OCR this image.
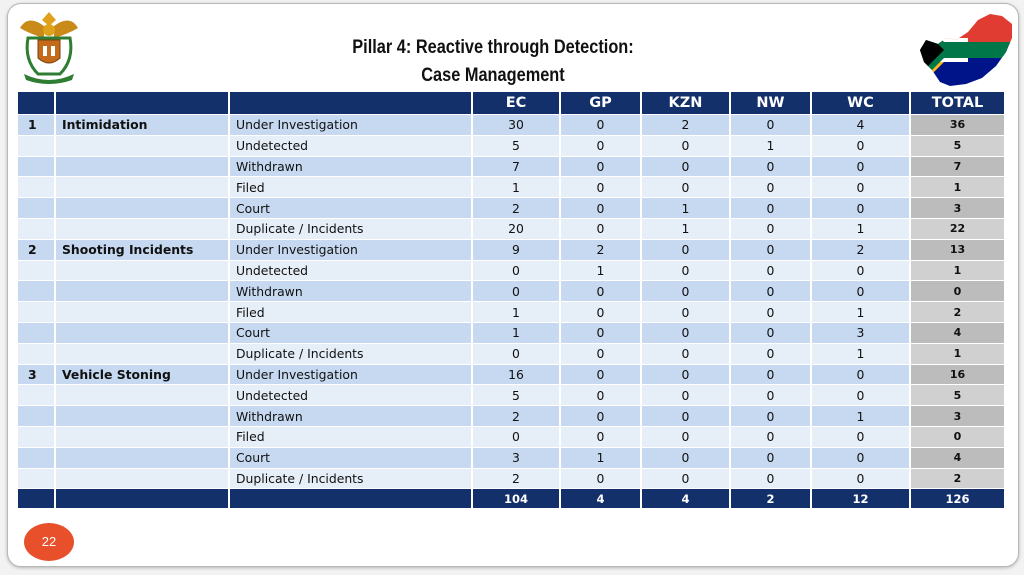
Pillar 4: Reactive through Detection:
Case Management
			EC	GP	KZN	NW	WC	TOTAL
1	Intimidation	Under Investigation	30	0	2	0	4	36
		Undetected	5	0	0	1	0	5
		Withdrawn	7	0	0	0	0	7
		Filed	1	0	0	0	0	1
		Court	2	0	1	0	0	3
		Duplicate / Incidents	20	0	1	0	1	22
2	Shooting Incidents	Under Investigation	9	2	0	0	2	13
		Undetected	0	1	0	0	0	1
		Withdrawn	0	0	0	0	0	0
		Filed	1	0	0	0	1	2
		Court	1	0	0	0	3	4
		Duplicate / Incidents	0	0	0	0	1	1
3	Vehicle Stoning	Under Investigation	16	0	0	0	0	16
		Undetected	5	0	0	0	0	5
		Withdrawn	2	0	0	0	1	3
		Filed	0	0	0	0	0	0
		Court	3	1	0	0	0	4
		Duplicate / Incidents	2	0	0	0	0	2
			104	4	4	2	12	126
22
